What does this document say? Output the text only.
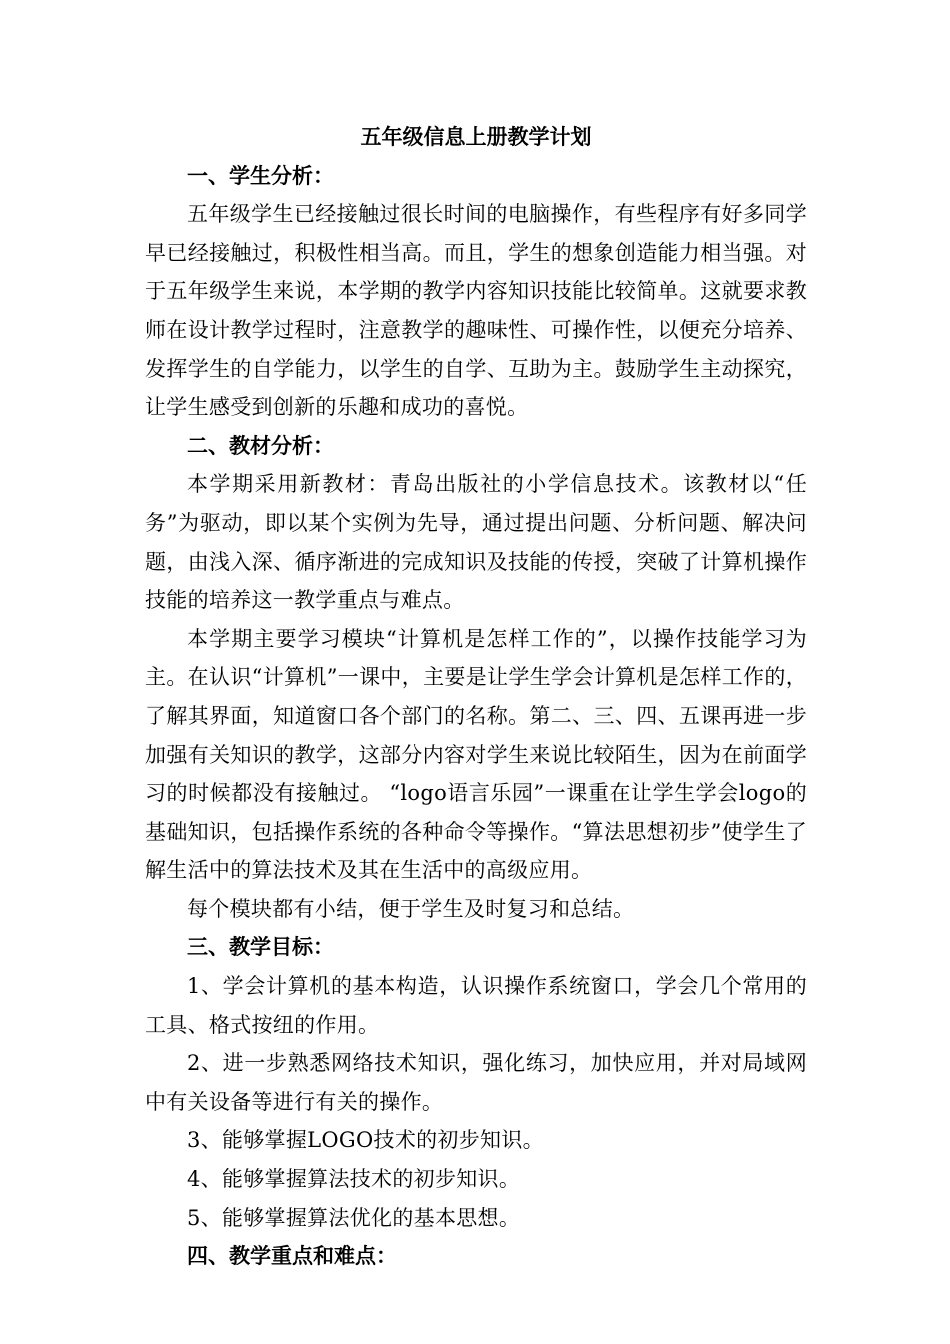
五年级信息上册教学计划

一、学生分析：

五年级学生已经接触过很长时间的电脑操作，有些程序有好多同学早已经接触过，积极性相当高。而且，学生的想象创造能力相当强。对于五年级学生来说，本学期的教学内容知识技能比较简单。这就要求教师在设计教学过程时，注意教学的趣味性、可操作性，以便充分培养、发挥学生的自学能力，以学生的自学、互助为主。鼓励学生主动探究，让学生感受到创新的乐趣和成功的喜悦。

二、教材分析：

本学期采用新教材：青岛出版社的小学信息技术。该教材以“任务”为驱动，即以某个实例为先导，通过提出问题、分析问题、解决问题，由浅入深、循序渐进的完成知识及技能的传授，突破了计算机操作技能的培养这一教学重点与难点。

本学期主要学习模块“计算机是怎样工作的”，以操作技能学习为主。在认识“计算机”一课中，主要是让学生学会计算机是怎样工作的，了解其界面，知道窗口各个部门的名称。第二、三、四、五课再进一步加强有关知识的教学，这部分内容对学生来说比较陌生，因为在前面学习的时候都没有接触过。 “logo语言乐园”一课重在让学生学会logo的基础知识，包括操作系统的各种命令等操作。“算法思想初步”使学生了解生活中的算法技术及其在生活中的高级应用。

每个模块都有小结，便于学生及时复习和总结。

三、教学目标：

1、学会计算机的基本构造，认识操作系统窗口，学会几个常用的工具、格式按纽的作用。

2、进一步熟悉网络技术知识，强化练习，加快应用，并对局域网中有关设备等进行有关的操作。

3、能够掌握LOGO技术的初步知识。

4、能够掌握算法技术的初步知识。

5、能够掌握算法优化的基本思想。

四、教学重点和难点：
